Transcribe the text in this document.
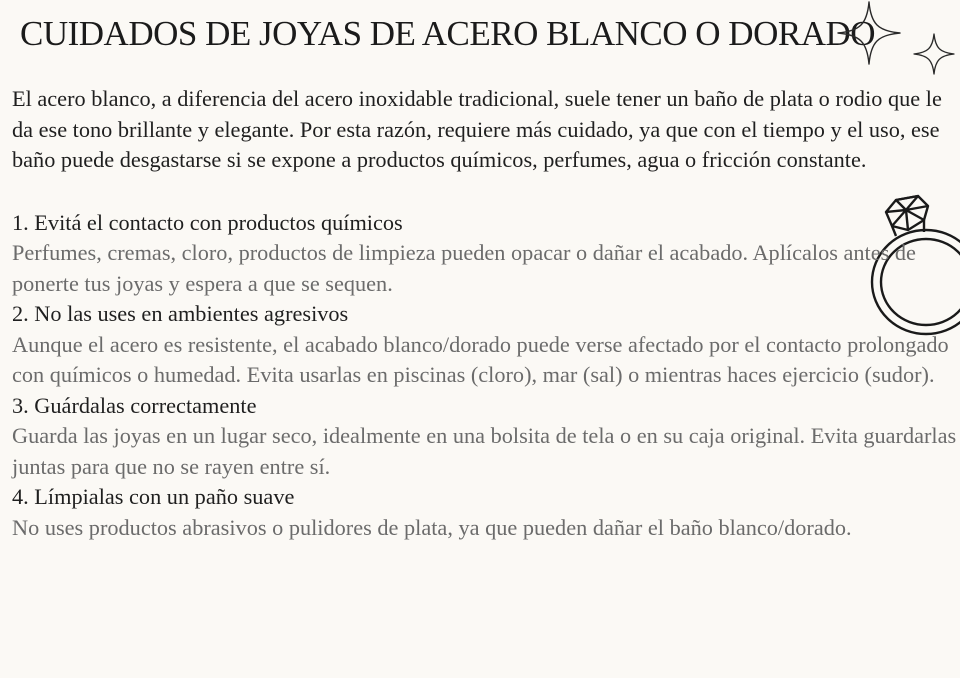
CUIDADOS DE JOYAS DE ACERO BLANCO O DORADO

El acero blanco, a diferencia del acero inoxidable tradicional, suele tener un baño de plata o rodio que le da ese tono brillante y elegante. Por esta razón, requiere más cuidado, ya que con el tiempo y el uso, ese baño puede desgastarse si se expone a productos químicos, perfumes, agua o fricción constante.

1. Evitá el contacto con productos químicos

Perfumes, cremas, cloro, productos de limpieza pueden opacar o dañar el acabado. Aplícalos antes de ponerte tus joyas y espera a que se sequen.

2. No las uses en ambientes agresivos

Aunque el acero es resistente, el acabado blanco/dorado puede verse afectado por el contacto prolongado con químicos o humedad. Evita usarlas en piscinas (cloro), mar (sal) o mientras haces ejercicio (sudor).

3. Guárdalas correctamente

Guarda las joyas en un lugar seco, idealmente en una bolsita de tela o en su caja original. Evita guardarlas juntas para que no se rayen entre sí.

4. Límpialas con un paño suave

No uses productos abrasivos o pulidores de plata, ya que pueden dañar el baño blanco/dorado.
